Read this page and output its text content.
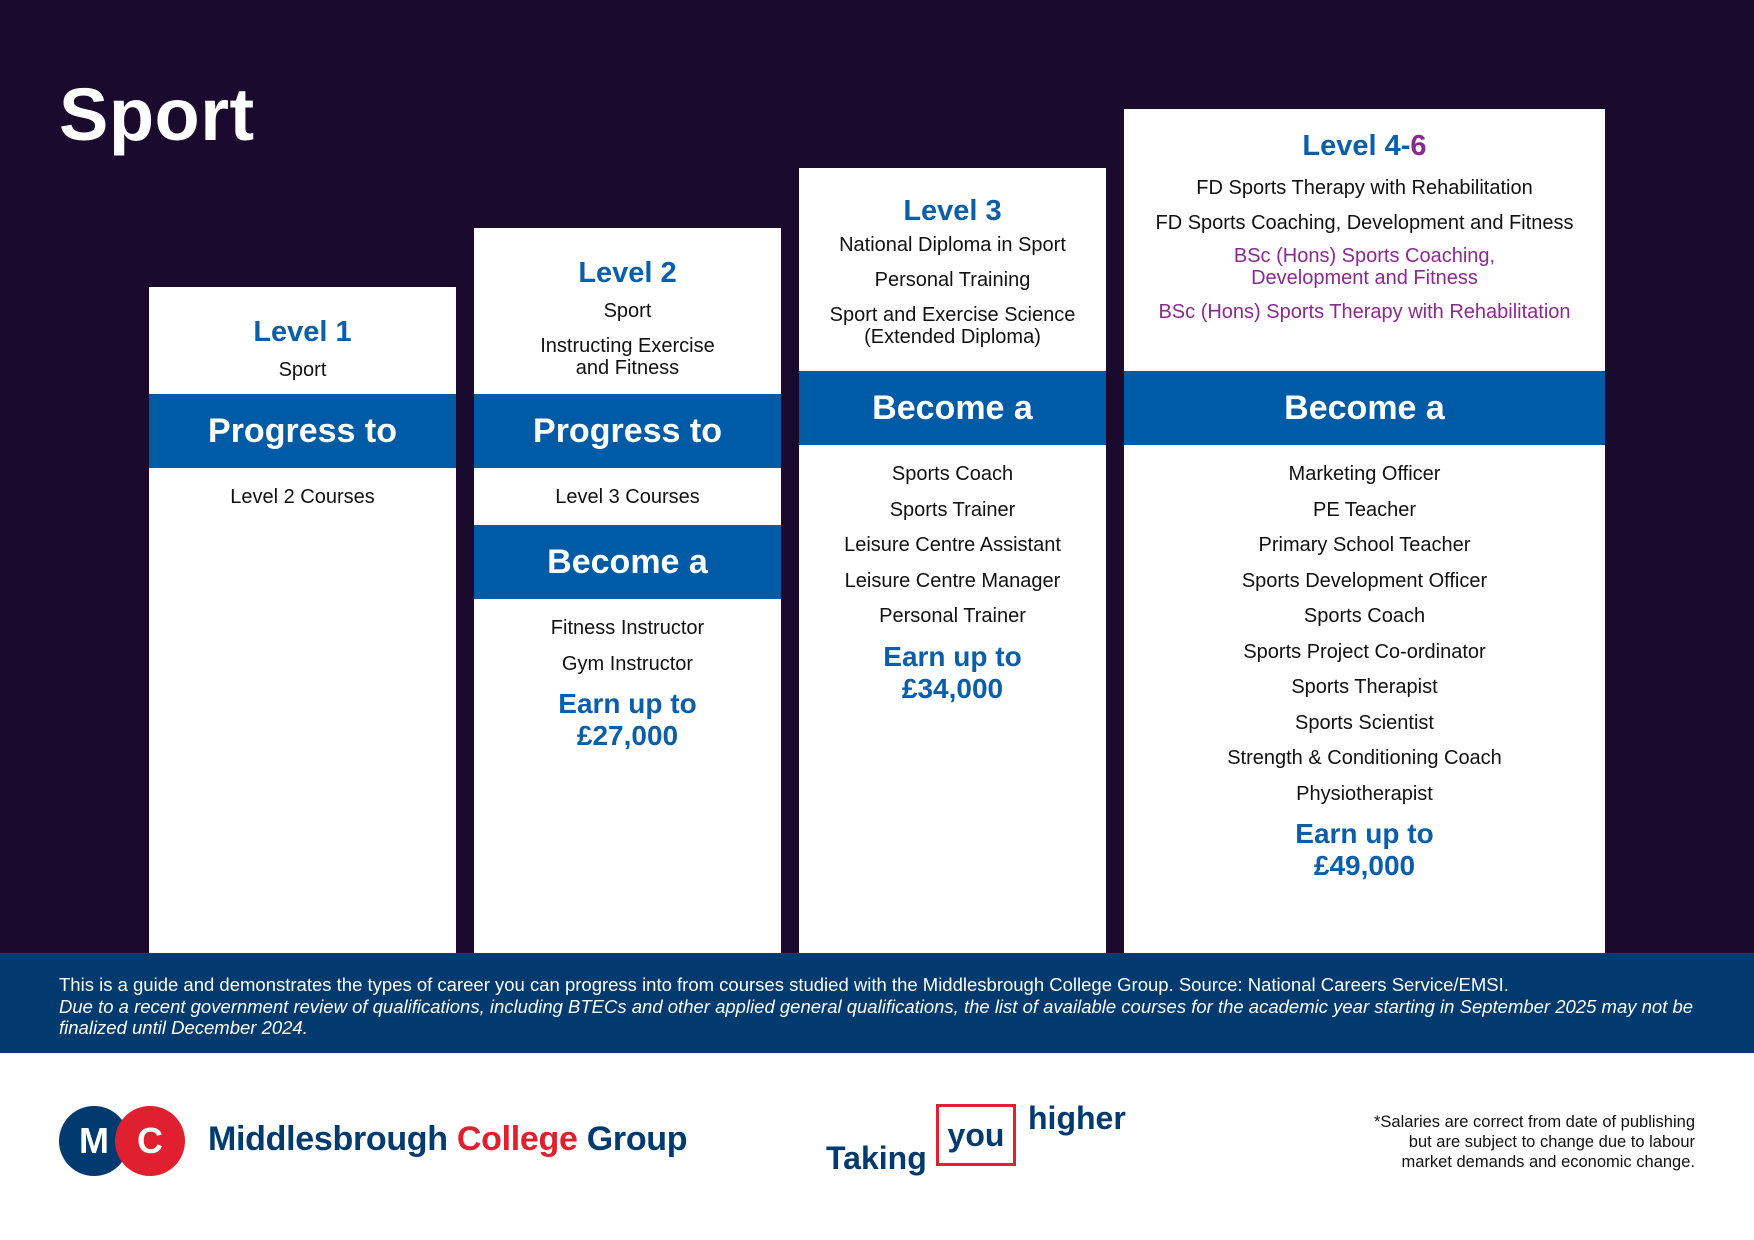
Sport
Level 1
Sport
Progress to
Level 2 Courses
Level 2
Sport
Instructing Exercise
and Fitness
Progress to
Level 3 Courses
Become a
Fitness Instructor
Gym Instructor
Earn up to
£27,000
Level 3
National Diploma in Sport
Personal Training
Sport and Exercise Science
(Extended Diploma)
Become a
Sports Coach
Sports Trainer
Leisure Centre Assistant
Leisure Centre Manager
Personal Trainer
Earn up to
£34,000
Level 4-6
FD Sports Therapy with Rehabilitation
FD Sports Coaching, Development and Fitness
BSc (Hons) Sports Coaching,
Development and Fitness
BSc (Hons) Sports Therapy with Rehabilitation
Become a
Marketing Officer
PE Teacher
Primary School Teacher
Sports Development Officer
Sports Coach
Sports Project Co-ordinator
Sports Therapist
Sports Scientist
Strength & Conditioning Coach
Physiotherapist
Earn up to
£49,000
This is a guide and demonstrates the types of career you can progress into from courses studied with the Middlesbrough College Group. Source: National Careers Service/EMSI.
Due to a recent government review of qualifications, including BTECs and other applied general qualifications, the list of available courses for the academic year starting in September 2025 may not be finalized until December 2024.
M C	Middlesbrough College Group	Taking
you higher	*Salaries are correct from date of publishing
but are subject to change due to labour
market demands and economic change.
